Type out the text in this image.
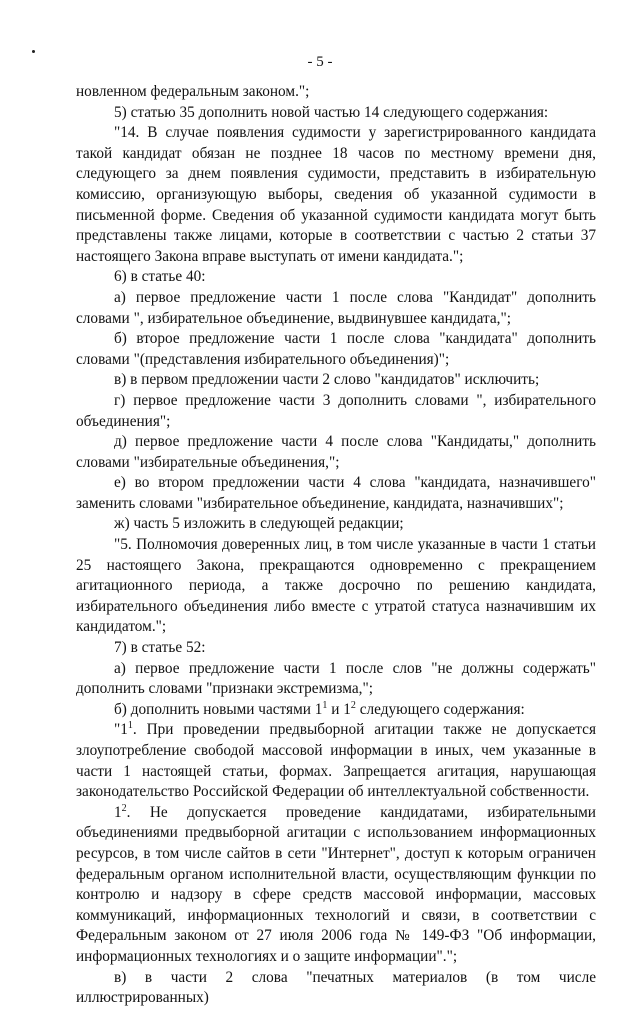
- 5 -

новленном федеральным законом.";

5) статью 35 дополнить новой частью 14 следующего содержания:

"14. В случае появления судимости у зарегистрированного кандидата такой кандидат обязан не позднее 18 часов по местному времени дня, следующего за днем появления судимости, представить в избирательную комиссию, организующую выборы, сведения об указанной судимости в письменной форме. Сведения об указанной судимости кандидата могут быть представлены также лицами, которые в соответствии с частью 2 статьи 37 настоящего Закона вправе выступать от имени кандидата.";

6) в статье 40:

а) первое предложение части 1 после слова "Кандидат" дополнить словами ", избирательное объединение, выдвинувшее кандидата,";

б) второе предложение части 1 после слова "кандидата" дополнить словами "(представления избирательного объединения)";

в) в первом предложении части 2 слово "кандидатов" исключить;

г) первое предложение части 3 дополнить словами ", избирательного объединения";

д) первое предложение части 4 после слова "Кандидаты," дополнить словами "избирательные объединения,";

е) во втором предложении части 4 слова "кандидата, назначившего" заменить словами "избирательное объединение, кандидата, назначивших";

ж) часть 5 изложить в следующей редакции;

"5. Полномочия доверенных лиц, в том числе указанные в части 1 статьи 25 настоящего Закона, прекращаются одновременно с прекращением агитационного периода, а также досрочно по решению кандидата, избирательного объединения либо вместе с утратой статуса назначившим их кандидатом.";

7) в статье 52:

а) первое предложение части 1 после слов "не должны содержать" дополнить словами "признаки экстремизма,";

б) дополнить новыми частями $1^1$ и $1^2$ следующего содержания:

"$1^1$. При проведении предвыборной агитации также не допускается злоупотребление свободой массовой информации в иных, чем указанные в части 1 настоящей статьи, формах. Запрещается агитация, нарушающая законодательство Российской Федерации об интеллектуальной собственности.

$1^2$. Не допускается проведение кандидатами, избирательными объединениями предвыборной агитации с использованием информационных ресурсов, в том числе сайтов в сети "Интернет", доступ к которым ограничен федеральным органом исполнительной власти, осуществляющим функции по контролю и надзору в сфере средств массовой информации, массовых коммуникаций, информационных технологий и связи, в соответствии с Федеральным законом от 27 июля 2006 года № 149-ФЗ "Об информации, информационных технологиях и о защите информации".";

в) в части 2 слова "печатных материалов (в том числе иллюстрированных)
